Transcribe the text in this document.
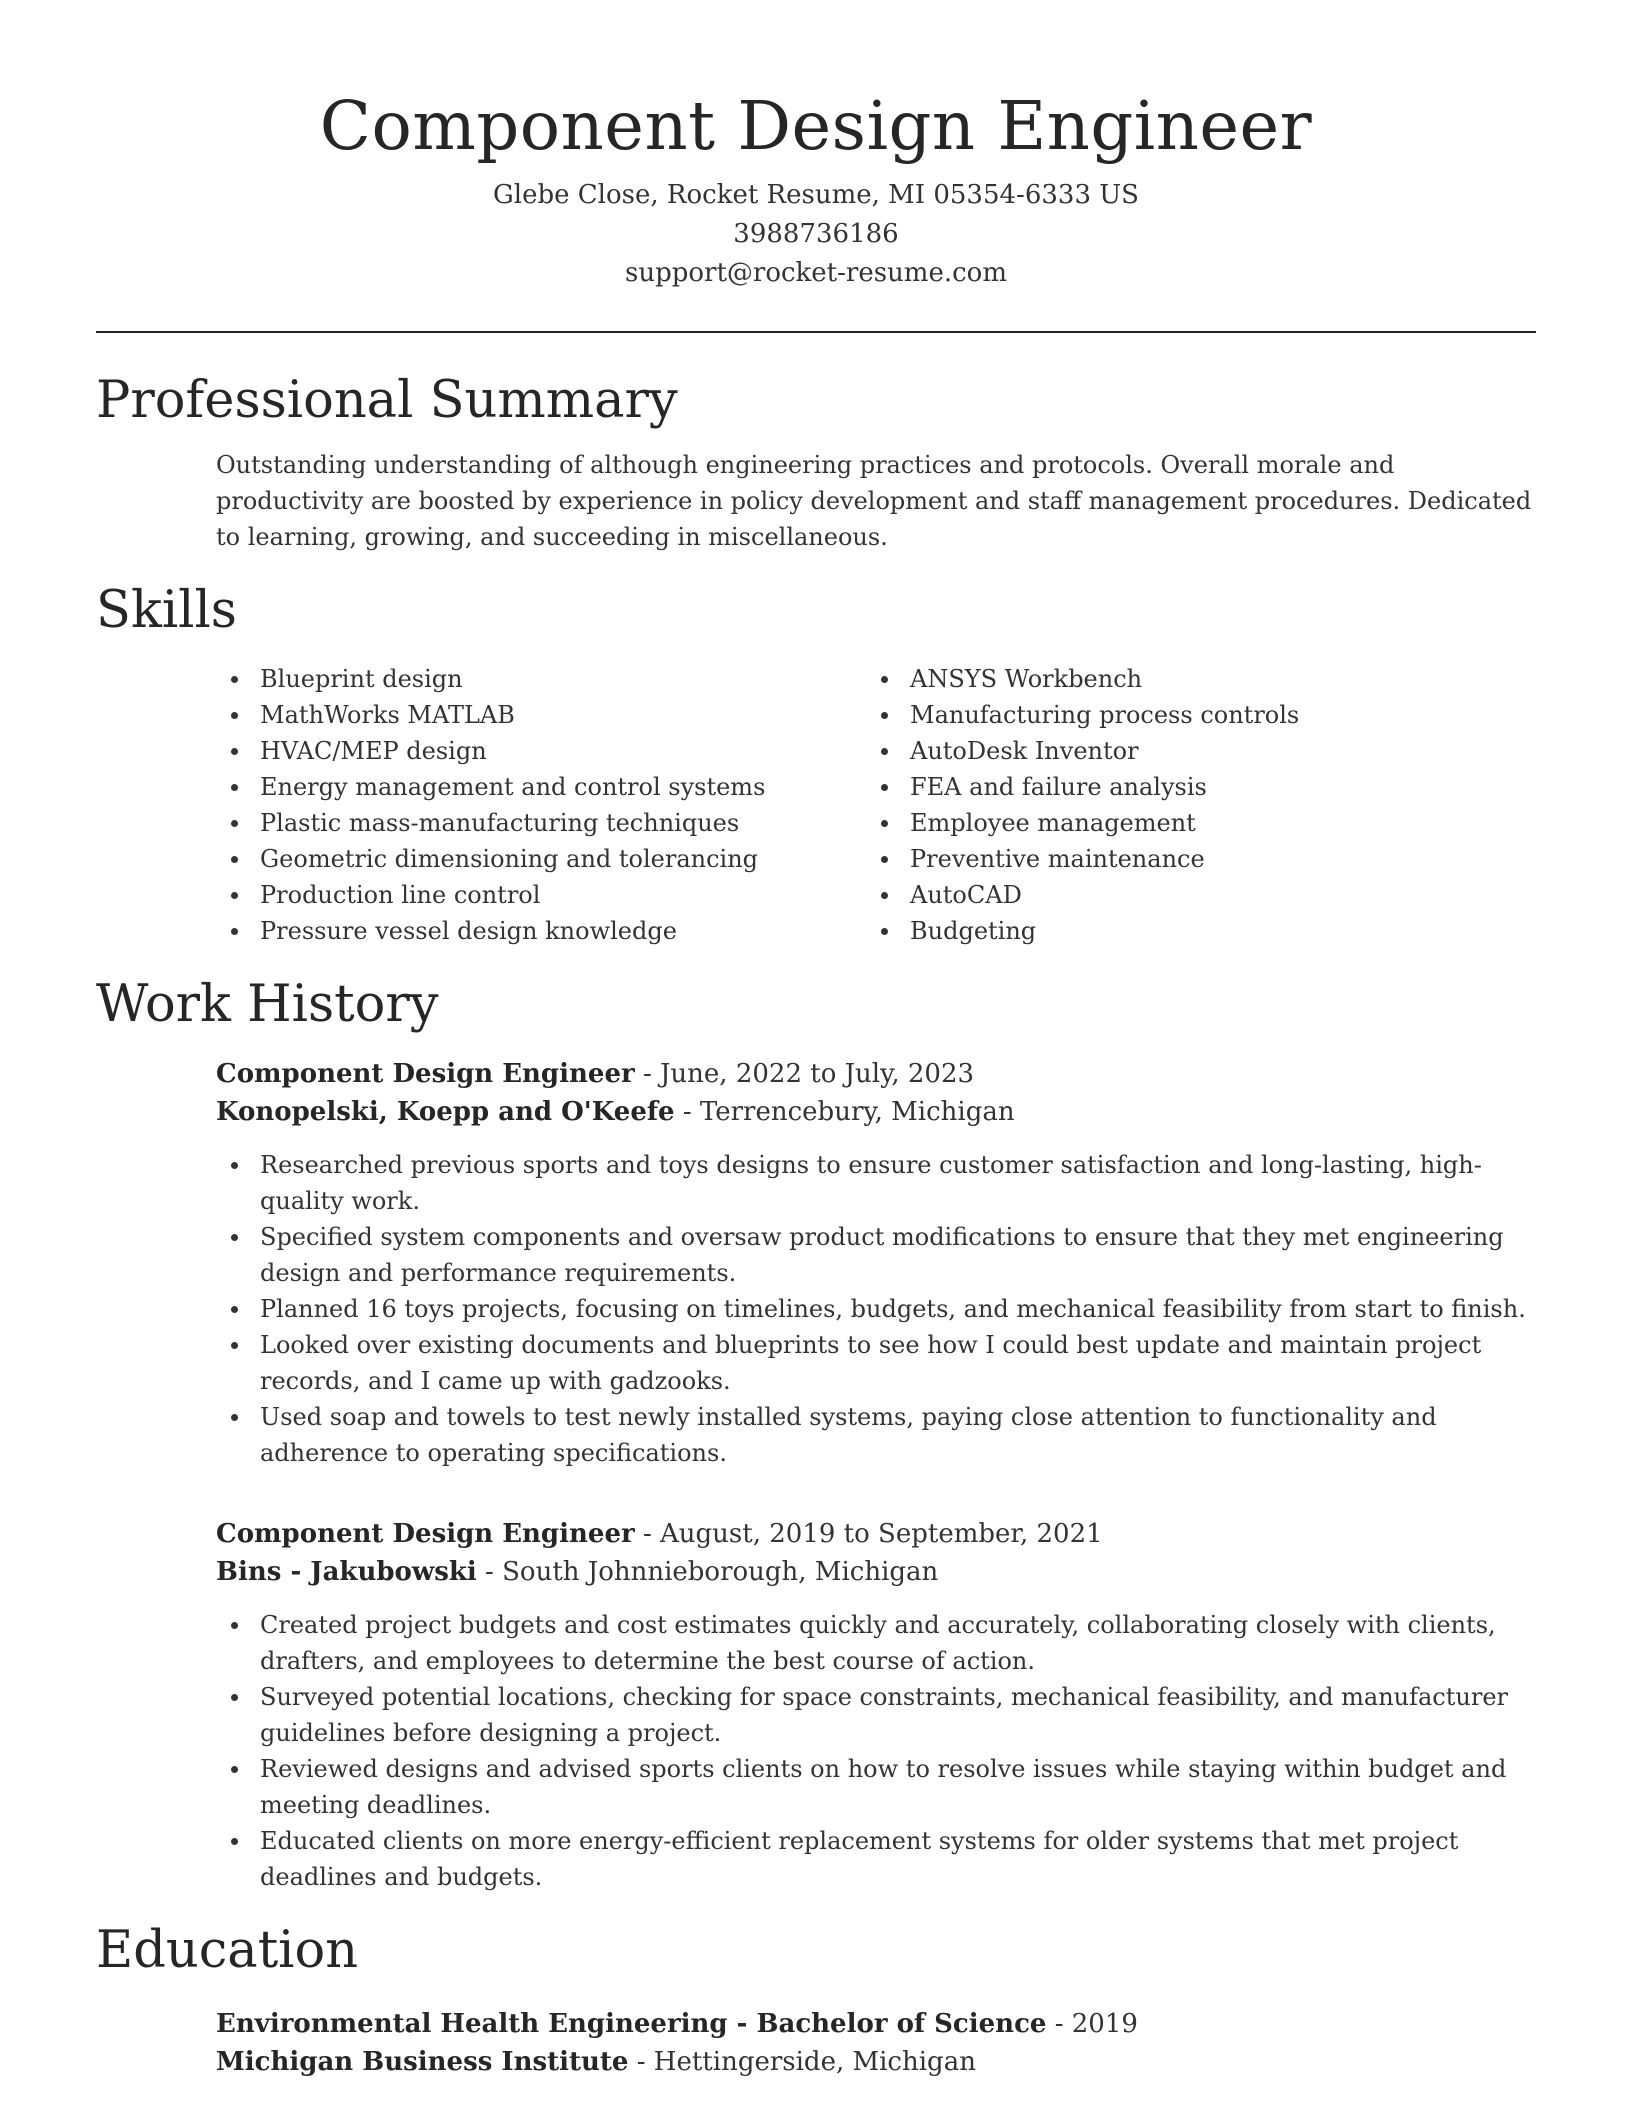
Component Design Engineer
Glebe Close, Rocket Resume, MI 05354-6333 US
3988736186
support@rocket-resume.com
Professional Summary

Outstanding understanding of although engineering practices and protocols. Overall morale and productivity are boosted by experience in policy development and staff management procedures. Dedicated to learning, growing, and succeeding in miscellaneous.

Skills
Blueprint design
MathWorks MATLAB
HVAC/MEP design
Energy management and control systems
Plastic mass-manufacturing techniques
Geometric dimensioning and tolerancing
Production line control
Pressure vessel design knowledge
ANSYS Workbench
Manufacturing process controls
AutoDesk Inventor
FEA and failure analysis
Employee management
Preventive maintenance
AutoCAD
Budgeting
Work History
Component Design Engineer - June, 2022 to July, 2023
Konopelski, Koepp and O'Keefe - Terrencebury, Michigan
Researched previous sports and toys designs to ensure customer satisfaction and long-lasting, high-quality work.
Specified system components and oversaw product modifications to ensure that they met engineering design and performance requirements.
Planned 16 toys projects, focusing on timelines, budgets, and mechanical feasibility from start to finish.
Looked over existing documents and blueprints to see how I could best update and maintain project records, and I came up with gadzooks.
Used soap and towels to test newly installed systems, paying close attention to functionality and adherence to operating specifications.
Component Design Engineer - August, 2019 to September, 2021
Bins - Jakubowski - South Johnnieborough, Michigan
Created project budgets and cost estimates quickly and accurately, collaborating closely with clients, drafters, and employees to determine the best course of action.
Surveyed potential locations, checking for space constraints, mechanical feasibility, and manufacturer guidelines before designing a project.
Reviewed designs and advised sports clients on how to resolve issues while staying within budget and meeting deadlines.
Educated clients on more energy-efficient replacement systems for older systems that met project deadlines and budgets.
Education
Environmental Health Engineering - Bachelor of Science - 2019
Michigan Business Institute - Hettingerside, Michigan
